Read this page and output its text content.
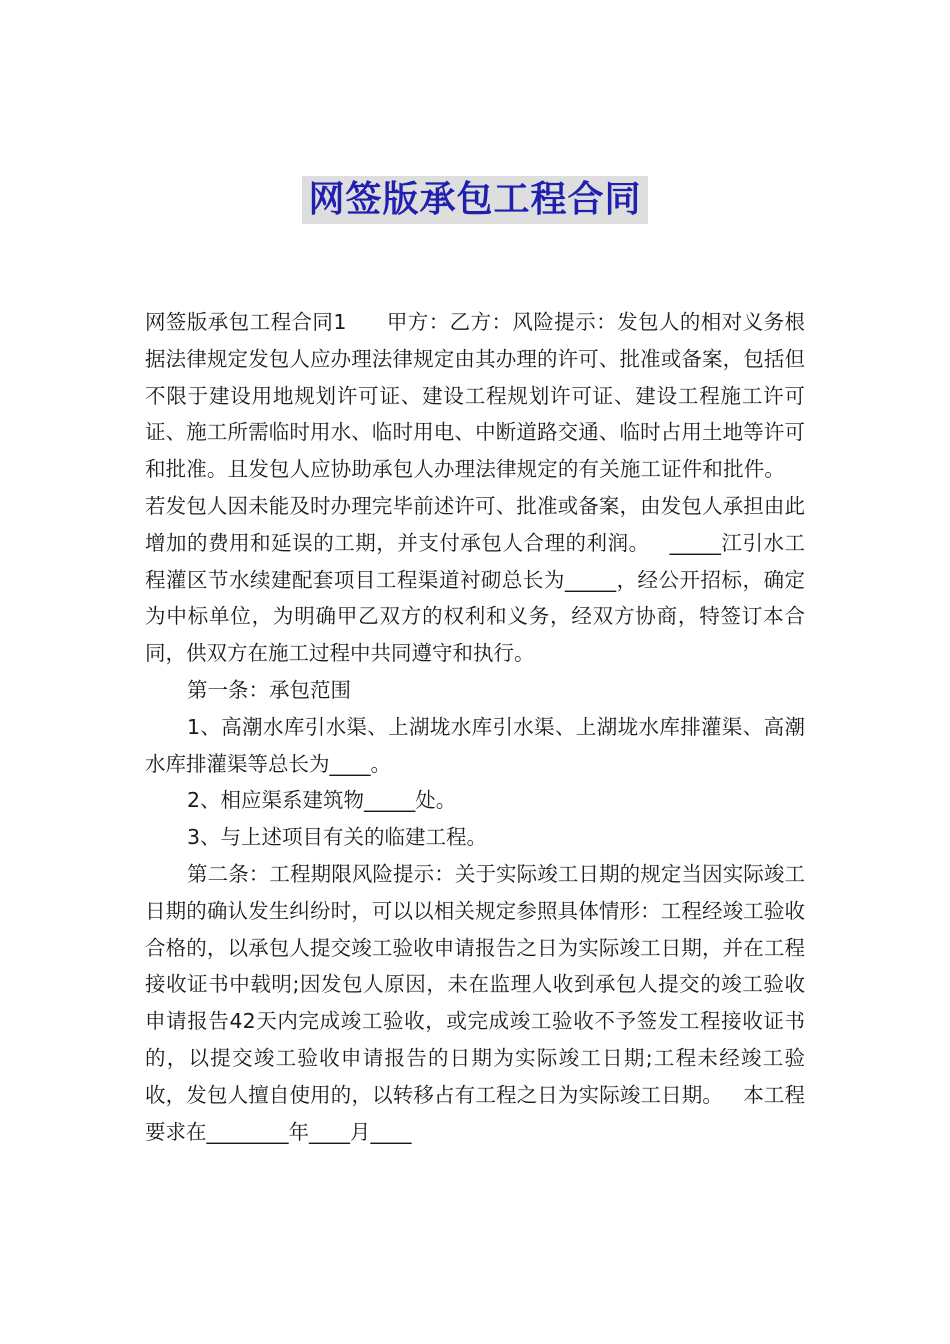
网签版承包工程合同

网签版承包工程合同1 甲方：乙方：风险提示：发包人的相对义务根据法律规定发包人应办理法律规定由其办理的许可、批准或备案，包括但不限于建设用地规划许可证、建设工程规划许可证、建设工程施工许可证、施工所需临时用水、临时用电、中断道路交通、临时占用土地等许可和批准。且发包人应协助承包人办理法律规定的有关施工证件和批件。若发包人因未能及时办理完毕前述许可、批准或备案，由发包人承担由此增加的费用和延误的工期，并支付承包人合理的利润。 _____江引水工程灌区节水续建配套项目工程渠道衬砌总长为_____，经公开招标，确定为中标单位，为明确甲乙双方的权利和义务，经双方协商，特签订本合同，供双方在施工过程中共同遵守和执行。

第一条：承包范围

1、高潮水库引水渠、上湖垅水库引水渠、上湖垅水库排灌渠、高潮水库排灌渠等总长为____。

2、相应渠系建筑物_____处。

3、与上述项目有关的临建工程。

第二条：工程期限风险提示：关于实际竣工日期的规定当因实际竣工日期的确认发生纠纷时，可以以相关规定参照具体情形：工程经竣工验收合格的，以承包人提交竣工验收申请报告之日为实际竣工日期，并在工程接收证书中载明;因发包人原因，未在监理人收到承包人提交的竣工验收申请报告42天内完成竣工验收，或完成竣工验收不予签发工程接收证书的，以提交竣工验收申请报告的日期为实际竣工日期;工程未经竣工验收，发包人擅自使用的，以转移占有工程之日为实际竣工日期。 本工程要求在________年____月____
